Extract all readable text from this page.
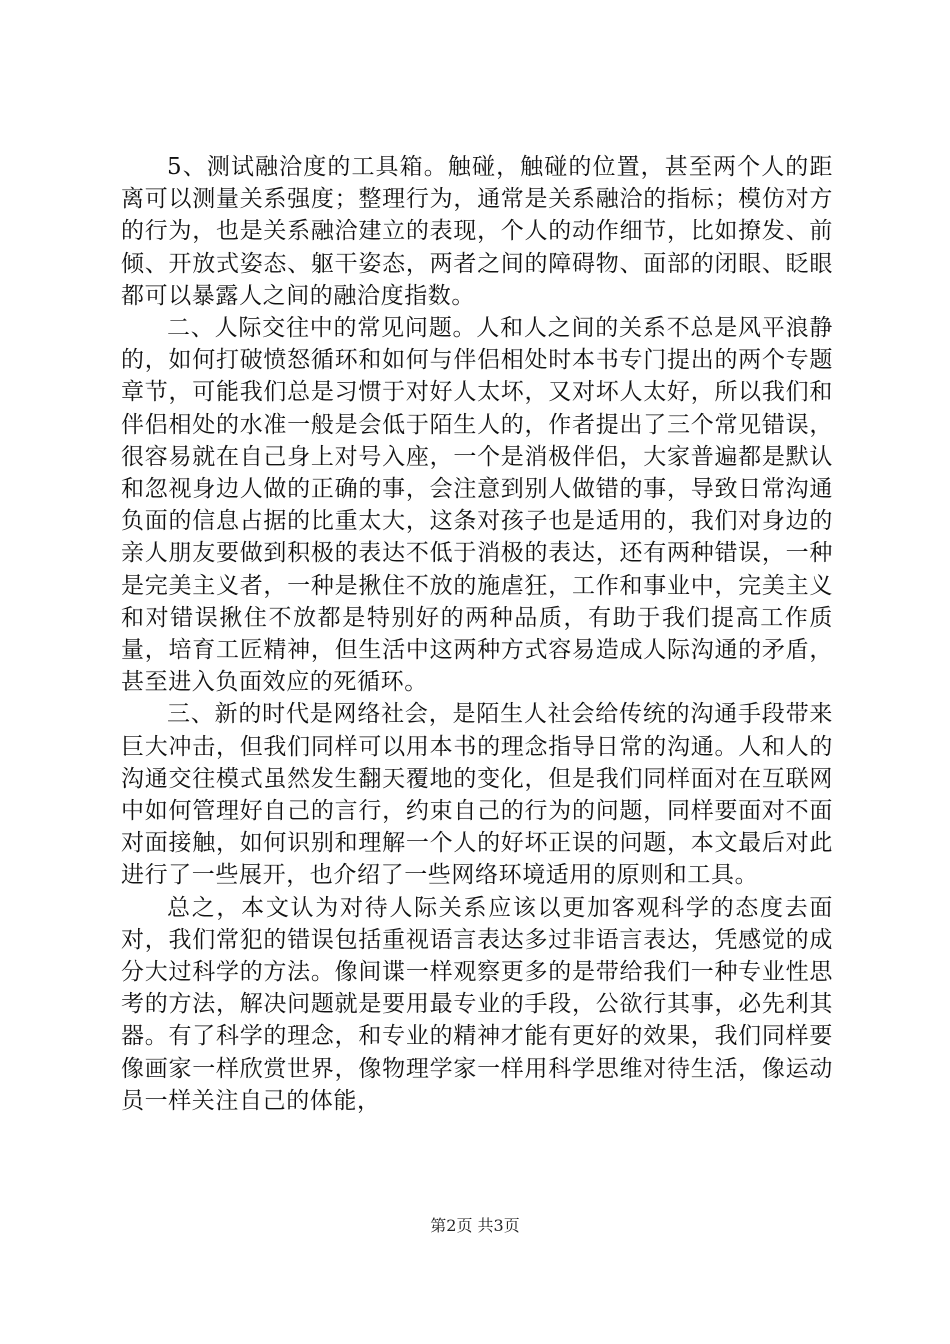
5、测试融洽度的工具箱。触碰，触碰的位置，甚至两个人的距离可以测量关系强度；整理行为，通常是关系融洽的指标；模仿对方的行为，也是关系融洽建立的表现，个人的动作细节，比如撩发、前倾、开放式姿态、躯干姿态，两者之间的障碍物、面部的闭眼、眨眼都可以暴露人之间的融洽度指数。

二、人际交往中的常见问题。人和人之间的关系不总是风平浪静的，如何打破愤怒循环和如何与伴侣相处时本书专门提出的两个专题章节，可能我们总是习惯于对好人太坏，又对坏人太好，所以我们和伴侣相处的水准一般是会低于陌生人的，作者提出了三个常见错误，很容易就在自己身上对号入座，一个是消极伴侣，大家普遍都是默认和忽视身边人做的正确的事，会注意到别人做错的事，导致日常沟通负面的信息占据的比重太大，这条对孩子也是适用的，我们对身边的亲人朋友要做到积极的表达不低于消极的表达，还有两种错误，一种是完美主义者，一种是揪住不放的施虐狂，工作和事业中，完美主义和对错误揪住不放都是特别好的两种品质，有助于我们提高工作质量，培育工匠精神，但生活中这两种方式容易造成人际沟通的矛盾，甚至进入负面效应的死循环。

三、新的时代是网络社会，是陌生人社会给传统的沟通手段带来巨大冲击，但我们同样可以用本书的理念指导日常的沟通。人和人的沟通交往模式虽然发生翻天覆地的变化，但是我们同样面对在互联网中如何管理好自己的言行，约束自己的行为的问题，同样要面对不面对面接触，如何识别和理解一个人的好坏正误的问题，本文最后对此进行了一些展开，也介绍了一些网络环境适用的原则和工具。

总之，本文认为对待人际关系应该以更加客观科学的态度去面对，我们常犯的错误包括重视语言表达多过非语言表达，凭感觉的成分大过科学的方法。像间谍一样观察更多的是带给我们一种专业性思考的方法，解决问题就是要用最专业的手段，公欲行其事，必先利其器。有了科学的理念，和专业的精神才能有更好的效果，我们同样要像画家一样欣赏世界，像物理学家一样用科学思维对待生活，像运动员一样关注自己的体能，

第2页 共3页
